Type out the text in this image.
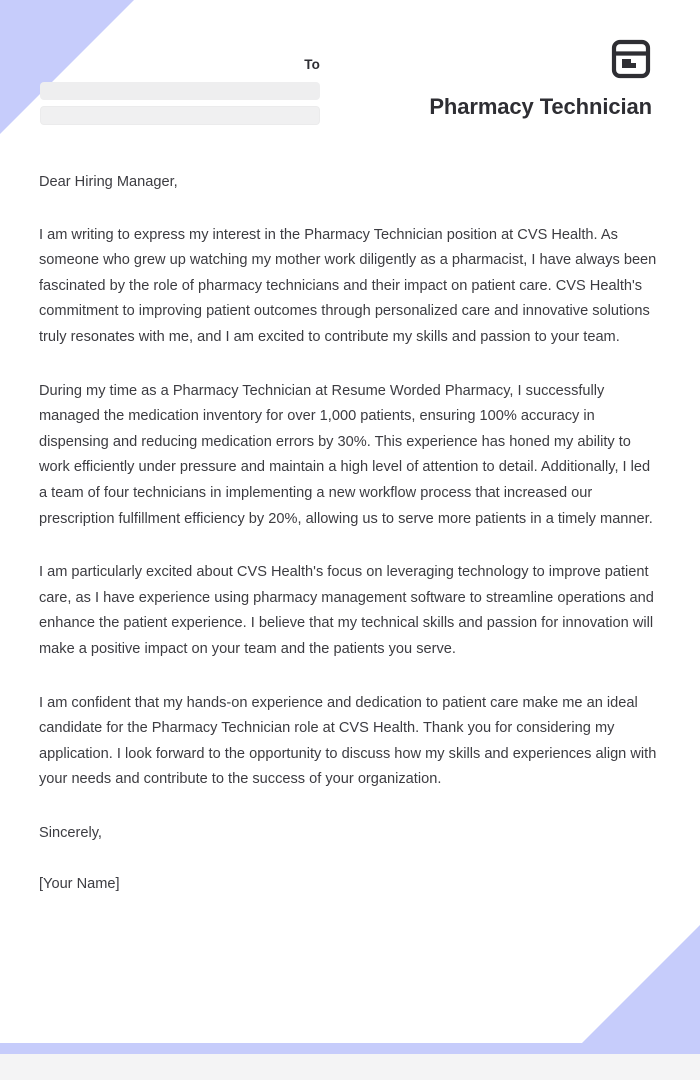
To
Pharmacy Technician

Dear Hiring Manager,

I am writing to express my interest in the Pharmacy Technician position at CVS Health. As someone who grew up watching my mother work diligently as a pharmacist, I have always been fascinated by the role of pharmacy technicians and their impact on patient care. CVS Health's commitment to improving patient outcomes through personalized care and innovative solutions truly resonates with me, and I am excited to contribute my skills and passion to your team.

During my time as a Pharmacy Technician at Resume Worded Pharmacy, I successfully managed the medication inventory for over 1,000 patients, ensuring 100% accuracy in dispensing and reducing medication errors by 30%. This experience has honed my ability to work efficiently under pressure and maintain a high level of attention to detail. Additionally, I led a team of four technicians in implementing a new workflow process that increased our prescription fulfillment efficiency by 20%, allowing us to serve more patients in a timely manner.

I am particularly excited about CVS Health's focus on leveraging technology to improve patient care, as I have experience using pharmacy management software to streamline operations and enhance the patient experience. I believe that my technical skills and passion for innovation will make a positive impact on your team and the patients you serve.

I am confident that my hands-on experience and dedication to patient care make me an ideal candidate for the Pharmacy Technician role at CVS Health. Thank you for considering my application. I look forward to the opportunity to discuss how my skills and experiences align with your needs and contribute to the success of your organization.

Sincerely,

[Your Name]
